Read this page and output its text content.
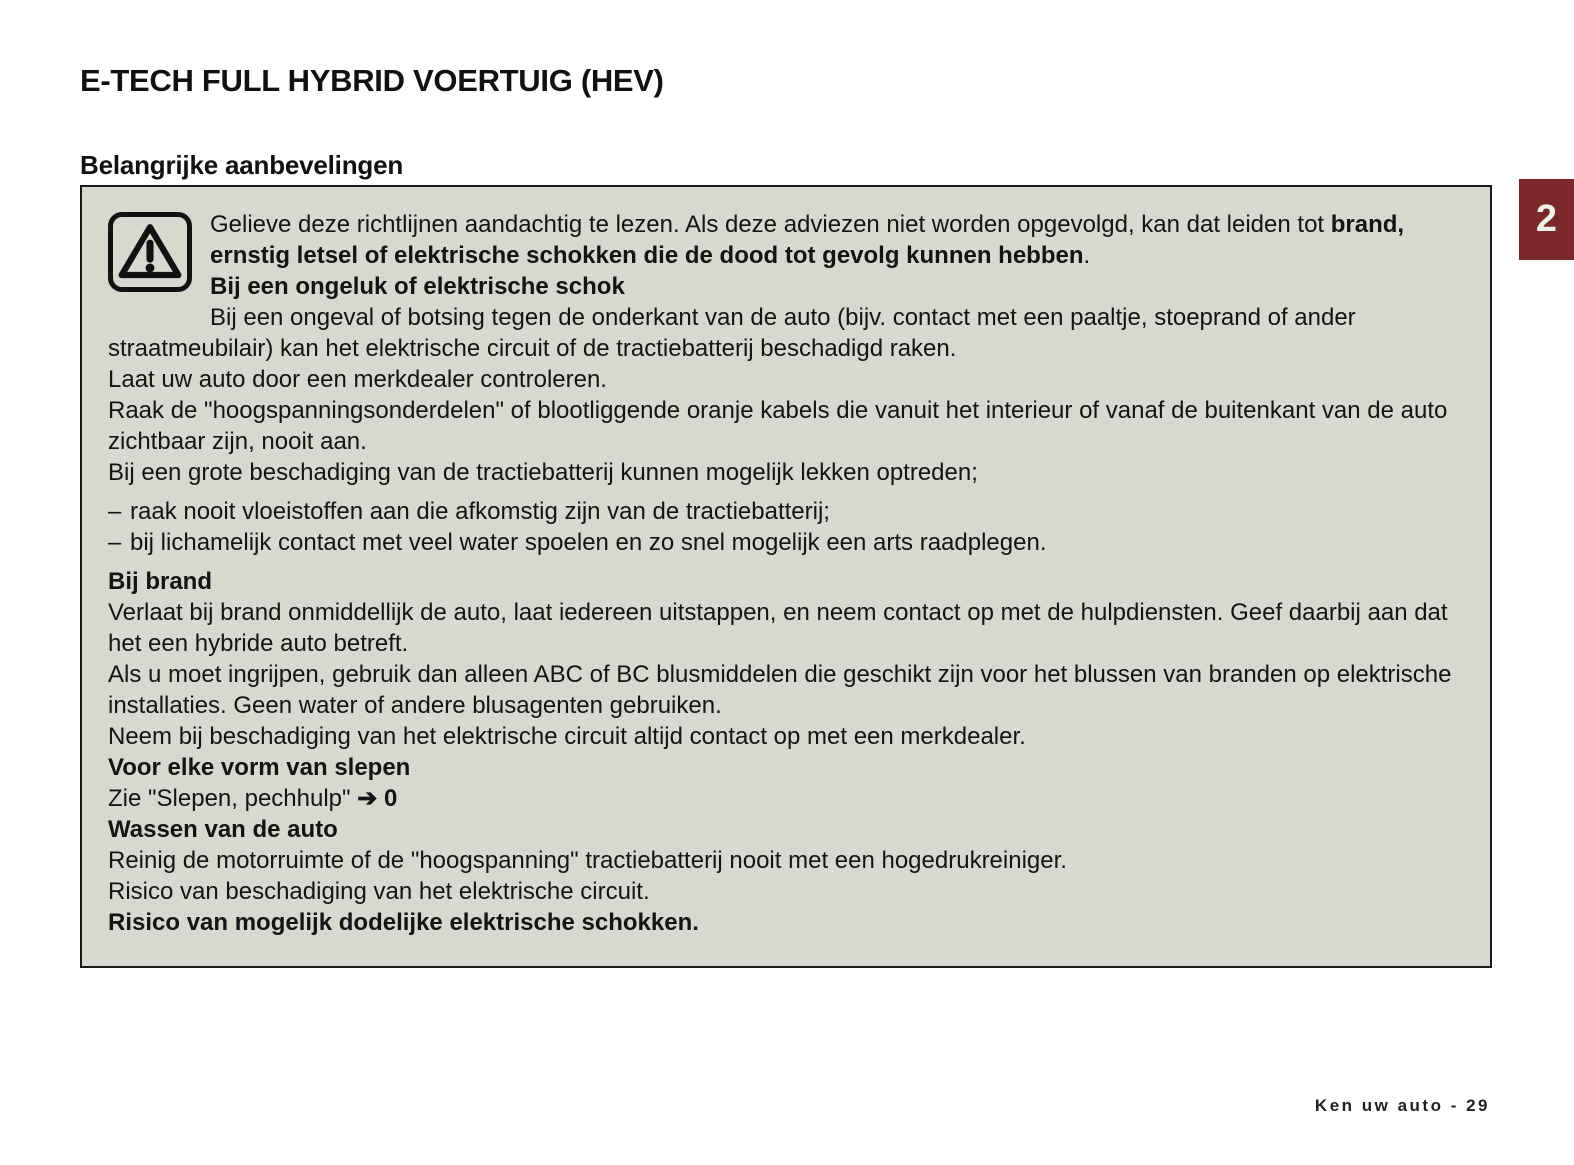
E-TECH FULL HYBRID VOERTUIG (HEV)
Belangrijke aanbevelingen

Gelieve deze richtlijnen aandachtig te lezen. Als deze adviezen niet worden opgevolgd, kan dat leiden tot brand, ernstig letsel of elektrische schokken die de dood tot gevolg kunnen hebben.

Bij een ongeluk of elektrische schok

Bij een ongeval of botsing tegen de onderkant van de auto (bijv. contact met een paaltje, stoeprand of ander straatmeubilair) kan het elektrische circuit of de tractiebatterij beschadigd raken.

Laat uw auto door een merkdealer controleren.

Raak de "hoogspanningsonderdelen" of blootliggende oranje kabels die vanuit het interieur of vanaf de buitenkant van de auto zichtbaar zijn, nooit aan.

Bij een grote beschadiging van de tractiebatterij kunnen mogelijk lekken optreden;

– raak nooit vloeistoffen aan die afkomstig zijn van de tractiebatterij;

– bij lichamelijk contact met veel water spoelen en zo snel mogelijk een arts raadplegen.

Bij brand

Verlaat bij brand onmiddellijk de auto, laat iedereen uitstappen, en neem contact op met de hulpdiensten. Geef daarbij aan dat het een hybride auto betreft.

Als u moet ingrijpen, gebruik dan alleen ABC of BC blusmiddelen die geschikt zijn voor het blussen van branden op elektrische installaties. Geen water of andere blusagenten gebruiken.

Neem bij beschadiging van het elektrische circuit altijd contact op met een merkdealer.

Voor elke vorm van slepen

Zie "Slepen, pechhulp" ➔ 0

Wassen van de auto

Reinig de motorruimte of de "hoogspanning" tractiebatterij nooit met een hogedrukreiniger.

Risico van beschadiging van het elektrische circuit.

Risico van mogelijk dodelijke elektrische schokken.

2
Ken uw auto - 29
